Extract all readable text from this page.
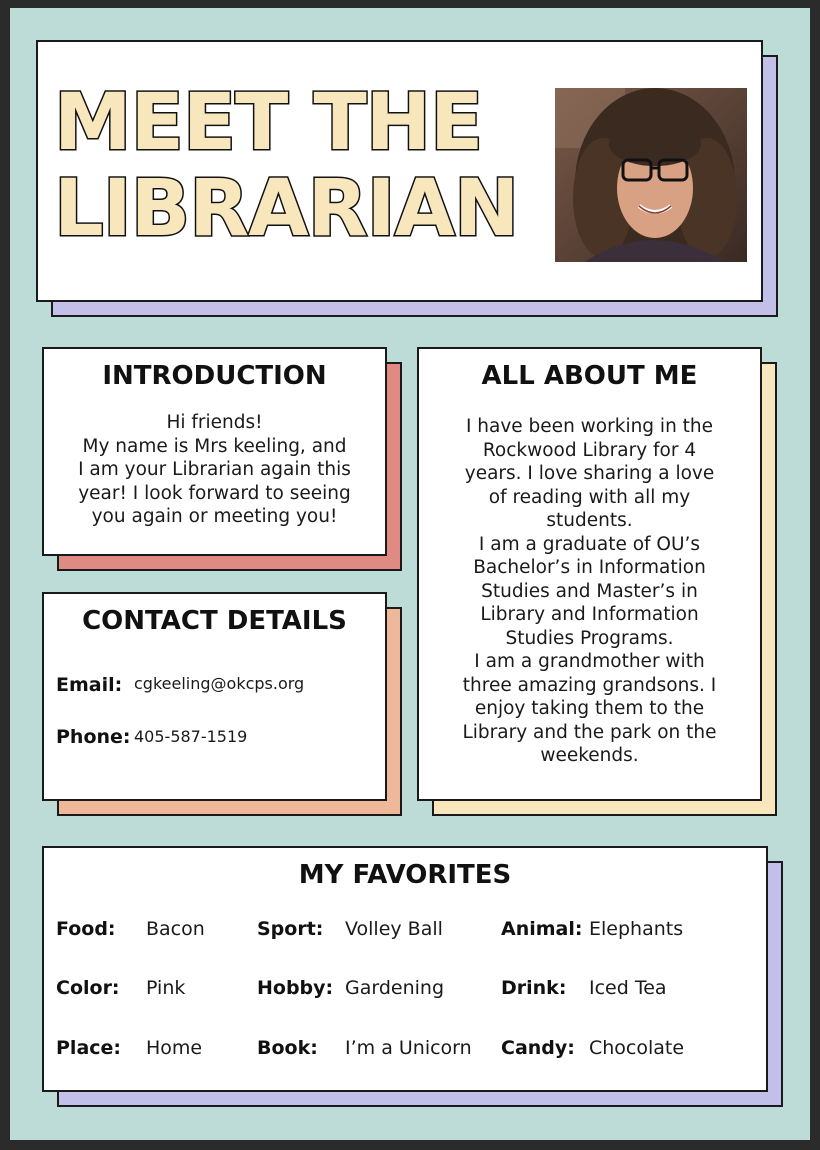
MEET THE
LIBRARIAN
INTRODUCTION
Hi friends!
My name is Mrs keeling, and
I am your Librarian again this
year! I look forward to seeing
you again or meeting you!
CONTACT DETAILS
Email: cgkeeling@okcps.org
Phone: 405-587-1519
ALL ABOUT ME
I have been working in the
Rockwood Library for 4
years. I love sharing a love
of reading with all my
students.
I am a graduate of OU’s
Bachelor’s in Information
Studies and Master’s in
Library and Information
Studies Programs.
I am a grandmother with
three amazing grandsons. I
enjoy taking them to the
Library and the park on the
weekends.
MY FAVORITES
Food: Bacon	Sport: Volley Ball	Animal: Elephants
Color: Pink	Hobby: Gardening	Drink: Iced Tea
Place: Home	Book: I’m a Unicorn Candy: Chocolate
